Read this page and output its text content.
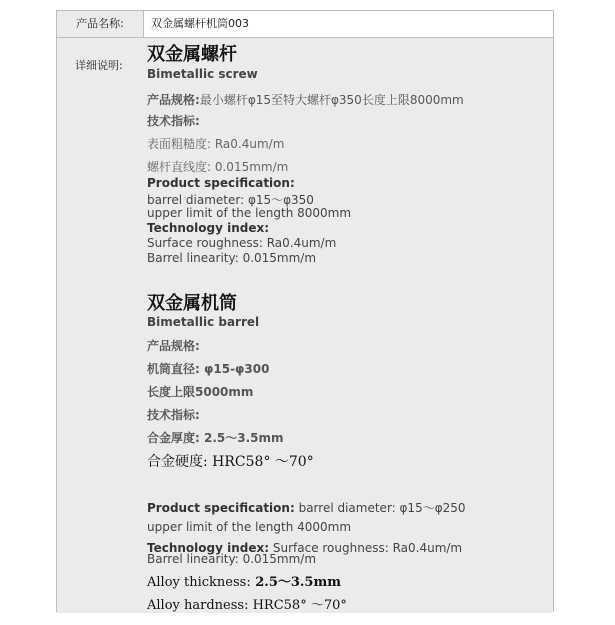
产品名称:	双金属螺杆机筒003
详细说明:
双金属螺杆
Bimetallic screw
产品规格:最小螺杆φ15至特大螺杆φ350长度上限8000mm
技术指标:
表面粗糙度: Ra0.4um/m
螺杆直线度: 0.015mm/m
Product specification:
barrel diameter: φ15～φ350
upper limit of the length 8000mm
Technology index:
Surface roughness: Ra0.4um/m
Barrel linearity: 0.015mm/m
双金属机筒
Bimetallic barrel
产品规格:
机筒直径: φ15-φ300
长度上限5000mm
技术指标:
合金厚度: 2.5～3.5mm
合金硬度: HRC58° ～70°
Product specification: barrel diameter: φ15～φ250
upper limit of the length 4000mm
Technology index: Surface roughness: Ra0.4um/m
Barrel linearity: 0.015mm/m
Alloy thickness: 2.5～3.5mm
Alloy hardness: HRC58° ～70°
